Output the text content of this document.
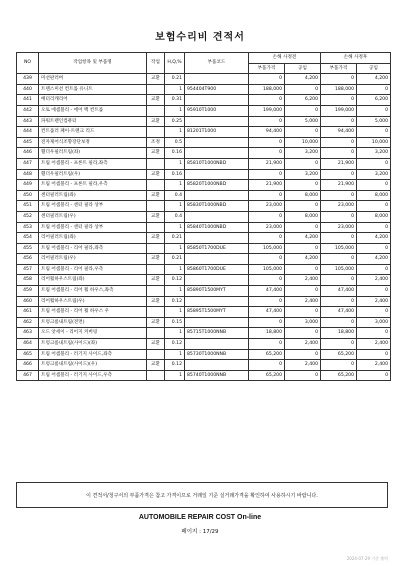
보험수리비 견적서
NO	작업항목 및 부품명	작업	H,Q,%	부품코드	손해 사정전		손해 사정후	
					부품가격	공임	부품가격	공임
439	미션판러버	교환	0.21		0	4,200	0	4,200
440	트랜스미션 컨트롤 유니트		1	954404T900	188,000	0	188,000	0
441	배터리캐리어	교환	0.31		0	6,200	0	6,200
442	오토 에셈블리 - 에어 백 컨트롤		1	95910T1000	199,000	0	199,000	0
443	파워트렌인컴퓨터	교환	0.25		0	5,000	0	5,000
444	컨트롤러 패이-트랜크 리드		1	81201T1000	94,400	0	94,400	0
445	전자제어식조향장단보정	조정	0.5		0	10,000	0	10,000
446	휀더우필러트림(좌)	교환	0.16		0	3,200	0	3,200
447	트림 어셈블리 - 프론트 필라,좌측		1	85810T1000NBD	21,900	0	21,900	0
448	휀더우필러트림(우)	교환	0.16		0	3,200	0	3,200
449	트림 어셈블리 - 프론트 필라,우측		1	85820T1000NBD	21,900	0	21,900	0
450	센터필러트림(좌)	교환	0.4		0	8,000	0	8,000
451	트림 어셈블리 - 센터 필라 상부		1	85830T1000NBD	23,000	0	23,000	0
452	센터필러트림(우)	교환	0.4		0	8,000	0	8,000
453	트림 어셈블리 - 센터 필라 상부		1	85840T1000NBD	23,000	0	23,000	0
454	리어필러트림(좌)	교환	0.21		0	4,200	0	4,200
455	트림 어셈블리 - 리어 필라,좌측		1	85850T1700DUE	105,000	0	105,000	0
456	리어필러트림(우)	교환	0.21		0	4,200	0	4,200
457	트림 어셈블리 - 리어 필라,우측		1	85860T1700DUE	105,000	0	105,000	0
458	리어휠하우스트림(좌)	교환	0.12		0	2,400	0	2,400
459	트림 어셈블리 - 리어 휠 하우스,좌측		1	85890T1500MYT	47,400	0	47,400	0
460	리어휠하우스트림(우)	교환	0.12		0	2,400	0	2,400
461	트림 어셈블리 - 리어 휠 하우스 우		1	85895T1500MYT	47,400	0	47,400	0
462	트렁크룸내트림(전면)	교환	0.15		0	3,000	0	3,000
463	오드 앗세이 - 리어지 커버링		1	85715T1000NNB	18,800	0	18,800	0
464	트렁크룸내트림(사이드)(좌)	교환	0.12		0	2,400	0	2,400
465	트림 어셈블리 - 러기지 사이드,좌측		1	85730T1000NNB	65,200	0	65,200	0
466	트렁크룸내트림(사이드)(우)	교환	0.12		0	2,400	0	2,400
467	트림 어셈블리 - 러기지 사이드,우측		1	85740T1000NNB	65,200	0	65,200	0
이 견적서/청구서의 부품가격은 참고 가격이므로 거래일 기준 실거래가격을 확인하여 사용하시기 바랍니다.
AUTOMOBILE REPAIR COST On-line
페이지 : 17/29
2024-07-29 기준 출력
